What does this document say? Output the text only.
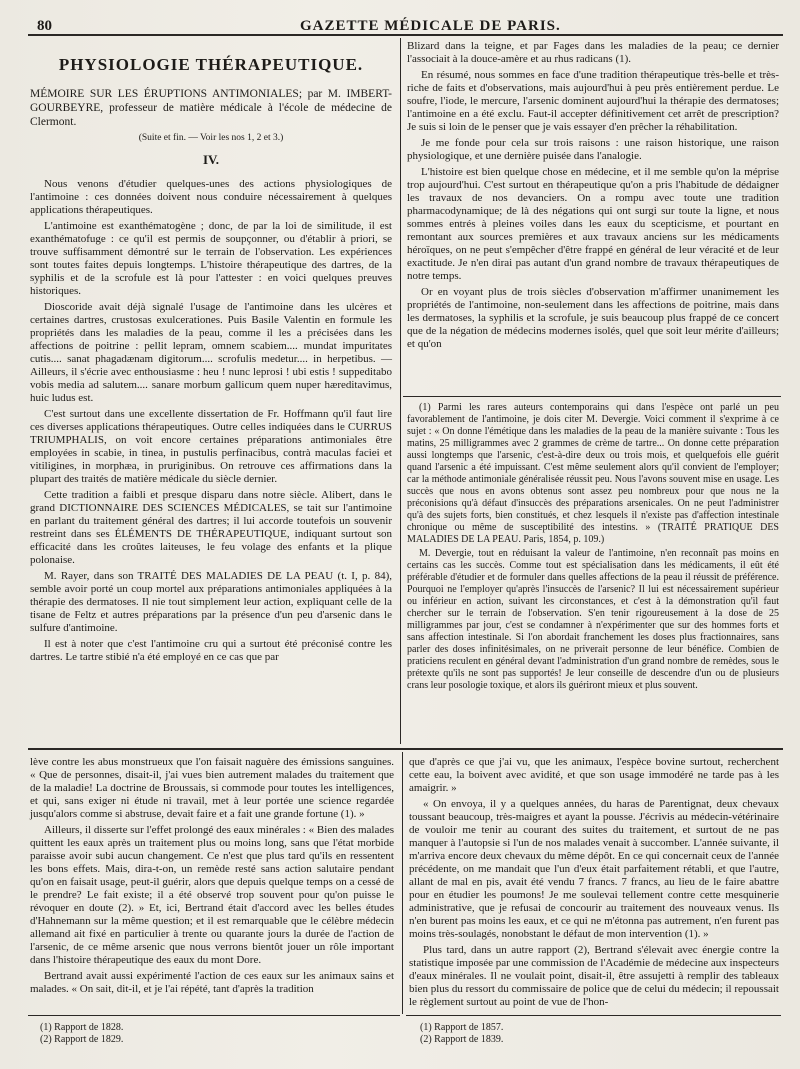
80	GAZETTE MÉDICALE DE PARIS.
PHYSIOLOGIE THÉRAPEUTIQUE.

MÉMOIRE SUR LES ÉRUPTIONS ANTIMONIALES; par M. IMBERT-GOURBEYRE, professeur de matière médicale à l'école de médecine de Clermont.

(Suite et fin. — Voir les nos 1, 2 et 3.)
IV.

Nous venons d'étudier quelques-unes des actions physiologiques de l'antimoine : ces données doivent nous conduire nécessairement à quelques applications thérapeutiques.

L'antimoine est exanthématogène ; donc, de par la loi de similitude, il est exanthématofuge : ce qu'il est permis de soupçonner, ou d'établir à priori, se trouve suffisamment démontré sur le terrain de l'observation. Les expériences sont toutes faites depuis longtemps. L'histoire thérapeutique des dartres, de la syphilis et de la scrofule est là pour l'attester : en voici quelques preuves historiques.

Dioscoride avait déjà signalé l'usage de l'antimoine dans les ulcères et certaines dartres, crustosas exulcerationes. Puis Basile Valentin en formule les propriétés dans les maladies de la peau, comme il les a précisées dans les affections de poitrine : pellit lepram, omnem scabiem.... mundat impuritates cutis.... sanat phagadænam digitorum.... scrofulis medetur.... in herpetibus. — Ailleurs, il s'écrie avec enthousiasme : heu ! nunc leprosi ! ubi estis ! suppeditabo vobis media ad salutem.... sanare morbum gallicum quem nuper hæreditavimus, huic ludus est.

C'est surtout dans une excellente dissertation de Fr. Hoffmann qu'il faut lire ces diverses applications thérapeutiques. Outre celles indiquées dans le CURRUS TRIUMPHALIS, on voit encore certaines préparations antimoniales être employées in scabie, in tinea, in pustulis perfinacibus, contrà maculas faciei et vitiligines, in morphæa, in pruriginibus. On retrouve ces affirmations dans la plupart des traités de matière médicale du siècle dernier.

Cette tradition a faibli et presque disparu dans notre siècle. Alibert, dans le grand DICTIONNAIRE DES SCIENCES MÉDICALES, se tait sur l'antimoine en parlant du traitement général des dartres; il lui accorde toutefois un souvenir restreint dans ses ÉLÉMENTS DE THÉRAPEUTIQUE, indiquant surtout son efficacité dans les croûtes laiteuses, le feu volage des enfants et la plique polonaise.

M. Rayer, dans son TRAITÉ DES MALADIES DE LA PEAU (t. I, p. 84), semble avoir porté un coup mortel aux préparations antimoniales appliquées à la thérapie des dermatoses. Il nie tout simplement leur action, expliquant celle de la tisane de Feltz et autres préparations par la présence d'un peu d'arsenic dans le sulfure d'antimoine.

Il est à noter que c'est l'antimoine cru qui a surtout été préconisé contre les dartres. Le tartre stibié n'a été employé en ce cas que par

Blizard dans la teigne, et par Fages dans les maladies de la peau; ce dernier l'associait à la douce-amère et au rhus radicans (1).

En résumé, nous sommes en face d'une tradition thérapeutique très-belle et très-riche de faits et d'observations, mais aujourd'hui à peu près entièrement perdue. Le soufre, l'iode, le mercure, l'arsenic dominent aujourd'hui la thérapie des dermatoses; l'antimoine en a été exclu. Faut-il accepter définitivement cet arrêt de prescription? Je suis si loin de le penser que je vais essayer d'en prêcher la réhabilitation.

Je me fonde pour cela sur trois raisons : une raison historique, une raison physiologique, et une dernière puisée dans l'analogie.

L'histoire est bien quelque chose en médecine, et il me semble qu'on la méprise trop aujourd'hui. C'est surtout en thérapeutique qu'on a pris l'habitude de dédaigner les travaux de nos devanciers. On a rompu avec toute une tradition pharmacodynamique; de là des négations qui ont surgi sur toute la ligne, et nous sommes entrés à pleines voiles dans les eaux du scepticisme, et pourtant en remontant aux sources premières et aux travaux anciens sur les médicaments héroïques, on ne peut s'empêcher d'être frappé en général de leur véracité et de leur exactitude. Je n'en dirai pas autant d'un grand nombre de travaux thérapeutiques de notre temps.

Or en voyant plus de trois siècles d'observation m'affirmer unanimement les propriétés de l'antimoine, non-seulement dans les affections de poitrine, mais dans les dermatoses, la syphilis et la scrofule, je suis beaucoup plus frappé de ce concert que de la négation de médecins modernes isolés, quel que soit leur mérite d'ailleurs; et qu'on

(1) Parmi les rares auteurs contemporains qui dans l'espèce ont parlé un peu favorablement de l'antimoine, je dois citer M. Devergie. Voici comment il s'exprime à ce sujet : « On donne l'émétique dans les maladies de la peau de la manière suivante : Tous les matins, 25 milligrammes avec 2 grammes de crème de tartre... On donne cette préparation aussi longtemps que l'arsenic, c'est-à-dire deux ou trois mois, et quelquefois elle guérit quand l'arsenic a été impuissant. C'est même seulement alors qu'il convient de l'employer; car la méthode antimoniale généralisée réussit peu. Nous l'avons souvent mise en usage. Les succès que nous en avons obtenus sont assez peu nombreux pour que nous ne la préconisions qu'à défaut d'insuccès des préparations arsenicales. On ne peut l'administrer qu'à des sujets forts, bien constitués, et chez lesquels il n'existe pas d'affection intestinale chronique ou même de susceptibilité des intestins. » (TRAITÉ PRATIQUE DES MALADIES DE LA PEAU. Paris, 1854, p. 109.)

M. Devergie, tout en réduisant la valeur de l'antimoine, n'en reconnaît pas moins en certains cas les succès. Comme tout est spécialisation dans les médicaments, il eût été préférable d'étudier et de formuler dans quelles affections de la peau il réussit de préférence. Pourquoi ne l'employer qu'après l'insuccès de l'arsenic? Il lui est nécessairement supérieur ou inférieur en action, suivant les circonstances, et c'est à la démonstration qu'il faut chercher sur le terrain de l'observation. S'en tenir rigoureusement à la dose de 25 milligrammes par jour, c'est se condamner à n'expérimenter que sur des hommes forts et sans affection intestinale. Si l'on abordait franchement les doses plus fractionnaires, sans parler des doses infinitésimales, on ne priverait personne de leur bénéfice. Combien de praticiens reculent en général devant l'administration d'un grand nombre de remèdes, sous le prétexte qu'ils ne sont pas supportés! Je leur conseille de descendre d'un ou de plusieurs crans leur posologie toxique, et alors ils guériront mieux et plus souvent.

lève contre les abus monstrueux que l'on faisait naguère des émissions sanguines. « Que de personnes, disait-il, j'ai vues bien autrement malades du traitement que de la maladie! La doctrine de Broussais, si commode pour toutes les intelligences, et qui, sans exiger ni étude ni travail, met à leur portée une science regardée jusqu'alors comme si abstruse, devait faire et a fait une grande fortune (1). »

Ailleurs, il disserte sur l'effet prolongé des eaux minérales : « Bien des malades quittent les eaux après un traitement plus ou moins long, sans que l'état morbide paraisse avoir subi aucun changement. Ce n'est que plus tard qu'ils en ressentent les bons effets. Mais, dira-t-on, un remède resté sans action salutaire pendant qu'on en faisait usage, peut-il guérir, alors que depuis quelque temps on a cessé de le prendre? Le fait existe; il a été observé trop souvent pour qu'on puisse le révoquer en doute (2). » Et, ici, Bertrand était d'accord avec les belles études d'Hahnemann sur la même question; et il est remarquable que le célèbre médecin allemand ait fixé en particulier à trente ou quarante jours la durée de l'action de l'arsenic, de ce même arsenic que nous verrons bientôt jouer un rôle important dans l'histoire thérapeutique des eaux du mont Dore.

Bertrand avait aussi expérimenté l'action de ces eaux sur les animaux sains et malades. « On sait, dit-il, et je l'ai répété, tant d'après la tradition

que d'après ce que j'ai vu, que les animaux, l'espèce bovine surtout, recherchent cette eau, la boivent avec avidité, et que son usage immodéré ne tarde pas à les amaigrir. »

« On envoya, il y a quelques années, du haras de Parentignat, deux chevaux toussant beaucoup, très-maigres et ayant la pousse. J'écrivis au médecin-vétérinaire de vouloir me tenir au courant des suites du traitement, et surtout de ne pas manquer à l'autopsie si l'un de nos malades venait à succomber. L'année suivante, il m'arriva encore deux chevaux du même dépôt. En ce qui concernait ceux de l'année précédente, on me mandait que l'un d'eux était parfaitement rétabli, et que l'autre, allant de mal en pis, avait été vendu 7 francs. 7 francs, au lieu de le faire abattre pour en étudier les poumons! Je me soulevai tellement contre cette mesquinerie administrative, que je refusai de concourir au traitement des nouveaux venus. Ils n'en burent pas moins les eaux, et ce qui ne m'étonna pas autrement, n'en furent pas moins très-soulagés, nonobstant le défaut de mon intervention (1). »

Plus tard, dans un autre rapport (2), Bertrand s'élevait avec énergie contre la statistique imposée par une commission de l'Académie de médecine aux inspecteurs d'eaux minérales. Il ne voulait point, disait-il, être assujetti à remplir des tableaux bien plus du ressort du commissaire de police que de celui du médecin; il repoussait le règlement surtout au point de vue de l'hon-

(1) Rapport de 1828.
(2) Rapport de 1829.
(1) Rapport de 1857.
(2) Rapport de 1839.
